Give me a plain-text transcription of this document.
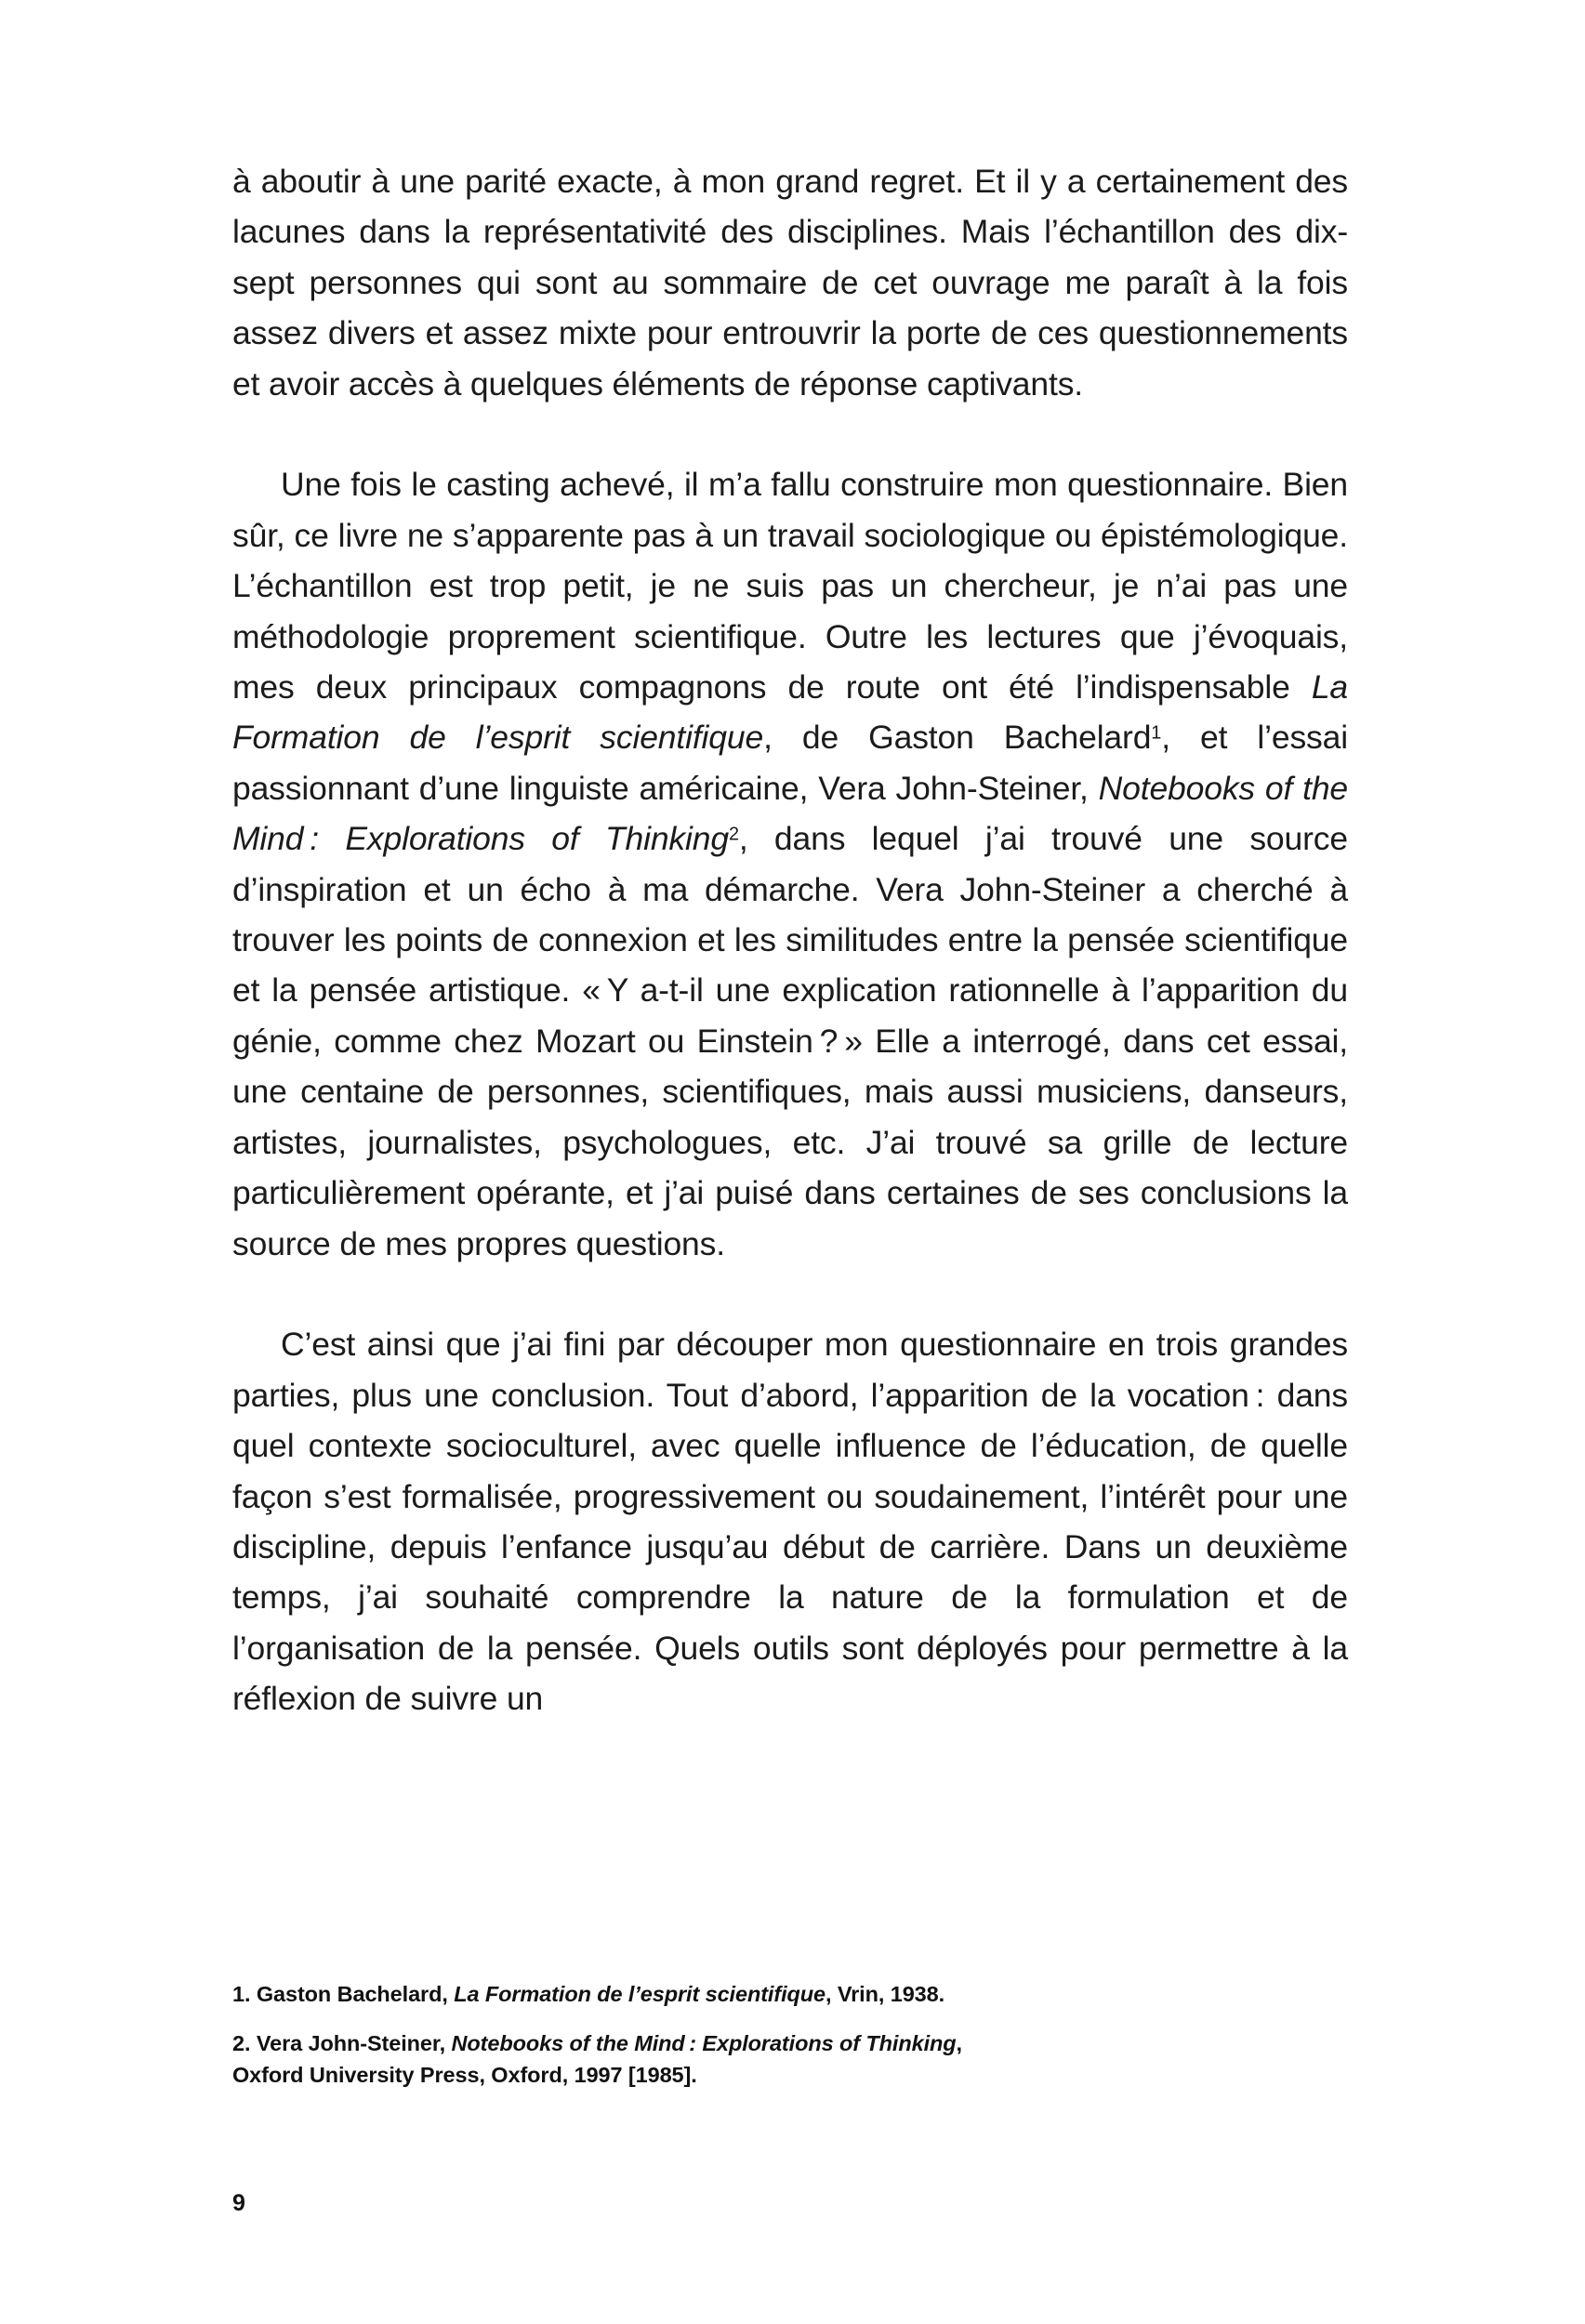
à aboutir à une parité exacte, à mon grand regret. Et il y a certainement des lacunes dans la représentativité des disciplines. Mais l’échantillon des dix-sept personnes qui sont au sommaire de cet ouvrage me paraît à la fois assez divers et assez mixte pour entrouvrir la porte de ces questionnements et avoir accès à quelques éléments de réponse captivants.

Une fois le casting achevé, il m’a fallu construire mon questionnaire. Bien sûr, ce livre ne s’apparente pas à un travail sociologique ou épistémologique. L’échantillon est trop petit, je ne suis pas un chercheur, je n’ai pas une méthodologie proprement scientifique. Outre les lectures que j’évoquais, mes deux principaux compagnons de route ont été l’indispensable La Formation de l’esprit scientifique, de Gaston Bachelard$^1$, et l’essai passionnant d’une linguiste américaine, Vera John-Steiner, Notebooks of the Mind : Explorations of Thinking$^2$, dans lequel j’ai trouvé une source d’inspiration et un écho à ma démarche. Vera John-Steiner a cherché à trouver les points de connexion et les similitudes entre la pensée scientifique et la pensée artistique. « Y a-t-il une explication rationnelle à l’apparition du génie, comme chez Mozart ou Einstein ? » Elle a interrogé, dans cet essai, une centaine de personnes, scientifiques, mais aussi musiciens, danseurs, artistes, journalistes, psychologues, etc. J’ai trouvé sa grille de lecture particulièrement opérante, et j’ai puisé dans certaines de ses conclusions la source de mes propres questions.

C’est ainsi que j’ai fini par découper mon questionnaire en trois grandes parties, plus une conclusion. Tout d’abord, l’apparition de la vocation : dans quel contexte socioculturel, avec quelle influence de l’éducation, de quelle façon s’est formalisée, progressivement ou soudainement, l’intérêt pour une discipline, depuis l’enfance jusqu’au début de carrière. Dans un deuxième temps, j’ai souhaité comprendre la nature de la formulation et de l’organisation de la pensée. Quels outils sont déployés pour permettre à la réflexion de suivre un

1. Gaston Bachelard, La Formation de l’esprit scientifique, Vrin, 1938.

2. Vera John-Steiner, Notebooks of the Mind : Explorations of Thinking,
Oxford University Press, Oxford, 1997 [1985].

9
